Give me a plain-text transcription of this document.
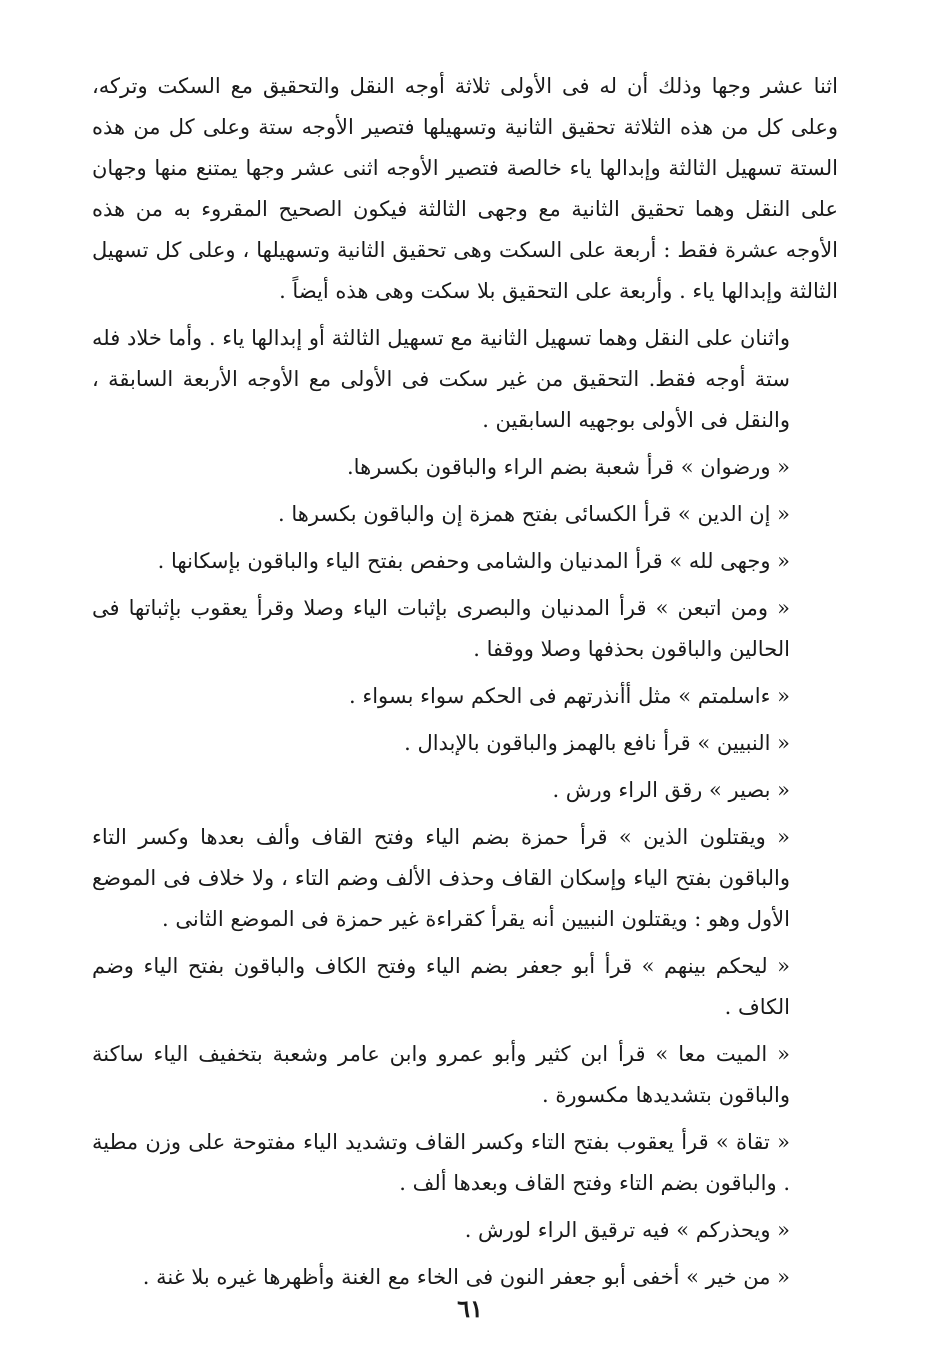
اثنا عشر وجها وذلك أن له فى الأولى ثلاثة أوجه النقل والتحقيق مع السكت وتركه، وعلى كل من هذه الثلاثة تحقيق الثانية وتسهيلها فتصير الأوجه ستة وعلى كل من هذه الستة تسهيل الثالثة وإبدالها ياء خالصة فتصير الأوجه اثنى عشر وجها يمتنع منها وجهان على النقل وهما تحقيق الثانية مع وجهى الثالثة فيكون الصحيح المقروء به من هذه الأوجه عشرة فقط : أربعة على السكت وهى تحقيق الثانية وتسهيلها ، وعلى كل تسهيل الثالثة وإبدالها ياء . وأربعة على التحقيق بلا سكت وهى هذه أيضاً .

واثنان على النقل وهما تسهيل الثانية مع تسهيل الثالثة أو إبدالها ياء . وأما خلاد فله ستة أوجه فقط. التحقيق من غير سكت فى الأولى مع الأوجه الأربعة السابقة ، والنقل فى الأولى بوجهيه السابقين .

« ورضوان » قرأ شعبة بضم الراء والباقون بكسرها.

« إن الدين » قرأ الكسائى بفتح همزة إن والباقون بكسرها .

« وجهى لله » قرأ المدنيان والشامى وحفص بفتح الياء والباقون بإسكانها .

« ومن اتبعن » قرأ المدنيان والبصرى بإثبات الياء وصلا وقرأ يعقوب بإثباتها فى الحالين والباقون بحذفها وصلا ووقفا .

« ءاسلمتم » مثل أأنذرتهم فى الحكم سواء بسواء .

« النبيين » قرأ نافع بالهمز والباقون بالإبدال .

« بصير » رقق الراء ورش .

« ويقتلون الذين » قرأ حمزة بضم الياء وفتح القاف وألف بعدها وكسر التاء والباقون بفتح الياء وإسكان القاف وحذف الألف وضم التاء ، ولا خلاف فى الموضع الأول وهو : ويقتلون النبيين أنه يقرأ كقراءة غير حمزة فى الموضع الثانى .

« ليحكم بينهم » قرأ أبو جعفر بضم الياء وفتح الكاف والباقون بفتح الياء وضم الكاف .

« الميت معا » قرأ ابن كثير وأبو عمرو وابن عامر وشعبة بتخفيف الياء ساكنة والباقون بتشديدها مكسورة .

« تقاة » قرأ يعقوب بفتح التاء وكسر القاف وتشديد الياء مفتوحة على وزن مطية . والباقون بضم التاء وفتح القاف وبعدها ألف .

« ويحذركم » فيه ترقيق الراء لورش .

« من خير » أخفى أبو جعفر النون فى الخاء مع الغنة وأظهرها غيره بلا غنة .

٦١
